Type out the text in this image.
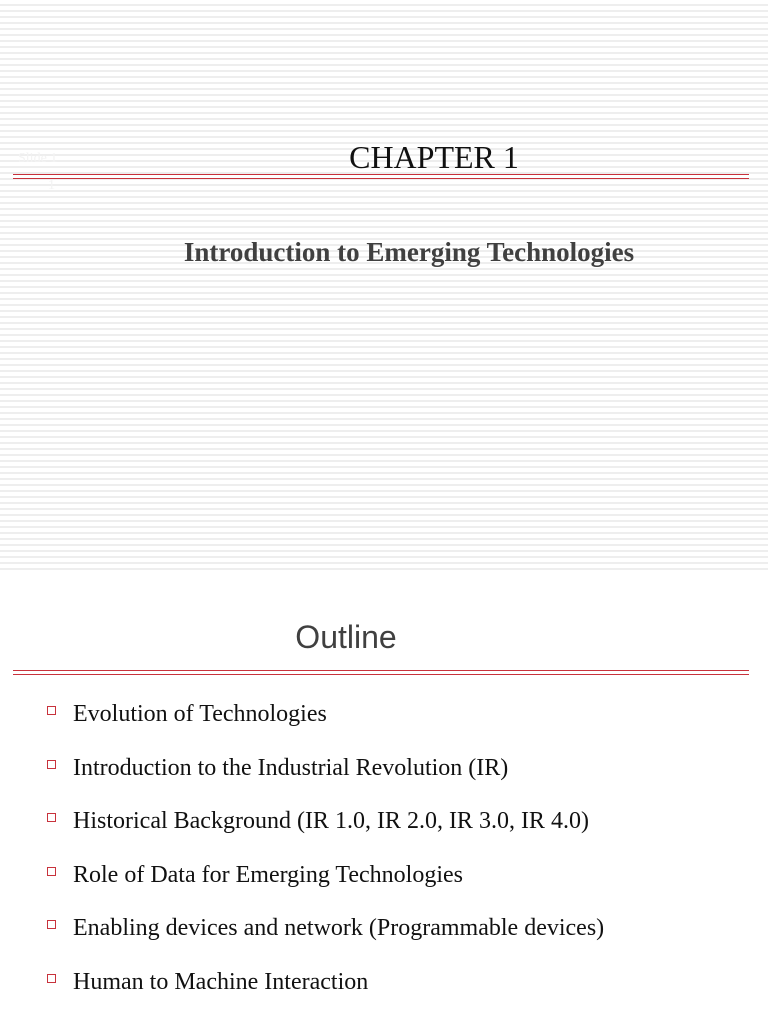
Slide 1
1
CHAPTER 1
Introduction to Emerging Technologies
Outline
Evolution of Technologies
Introduction to the Industrial Revolution (IR)
Historical Background (IR 1.0, IR 2.0, IR 3.0, IR 4.0)
Role of Data for Emerging Technologies
Enabling devices and network (Programmable devices)
Human to Machine Interaction
